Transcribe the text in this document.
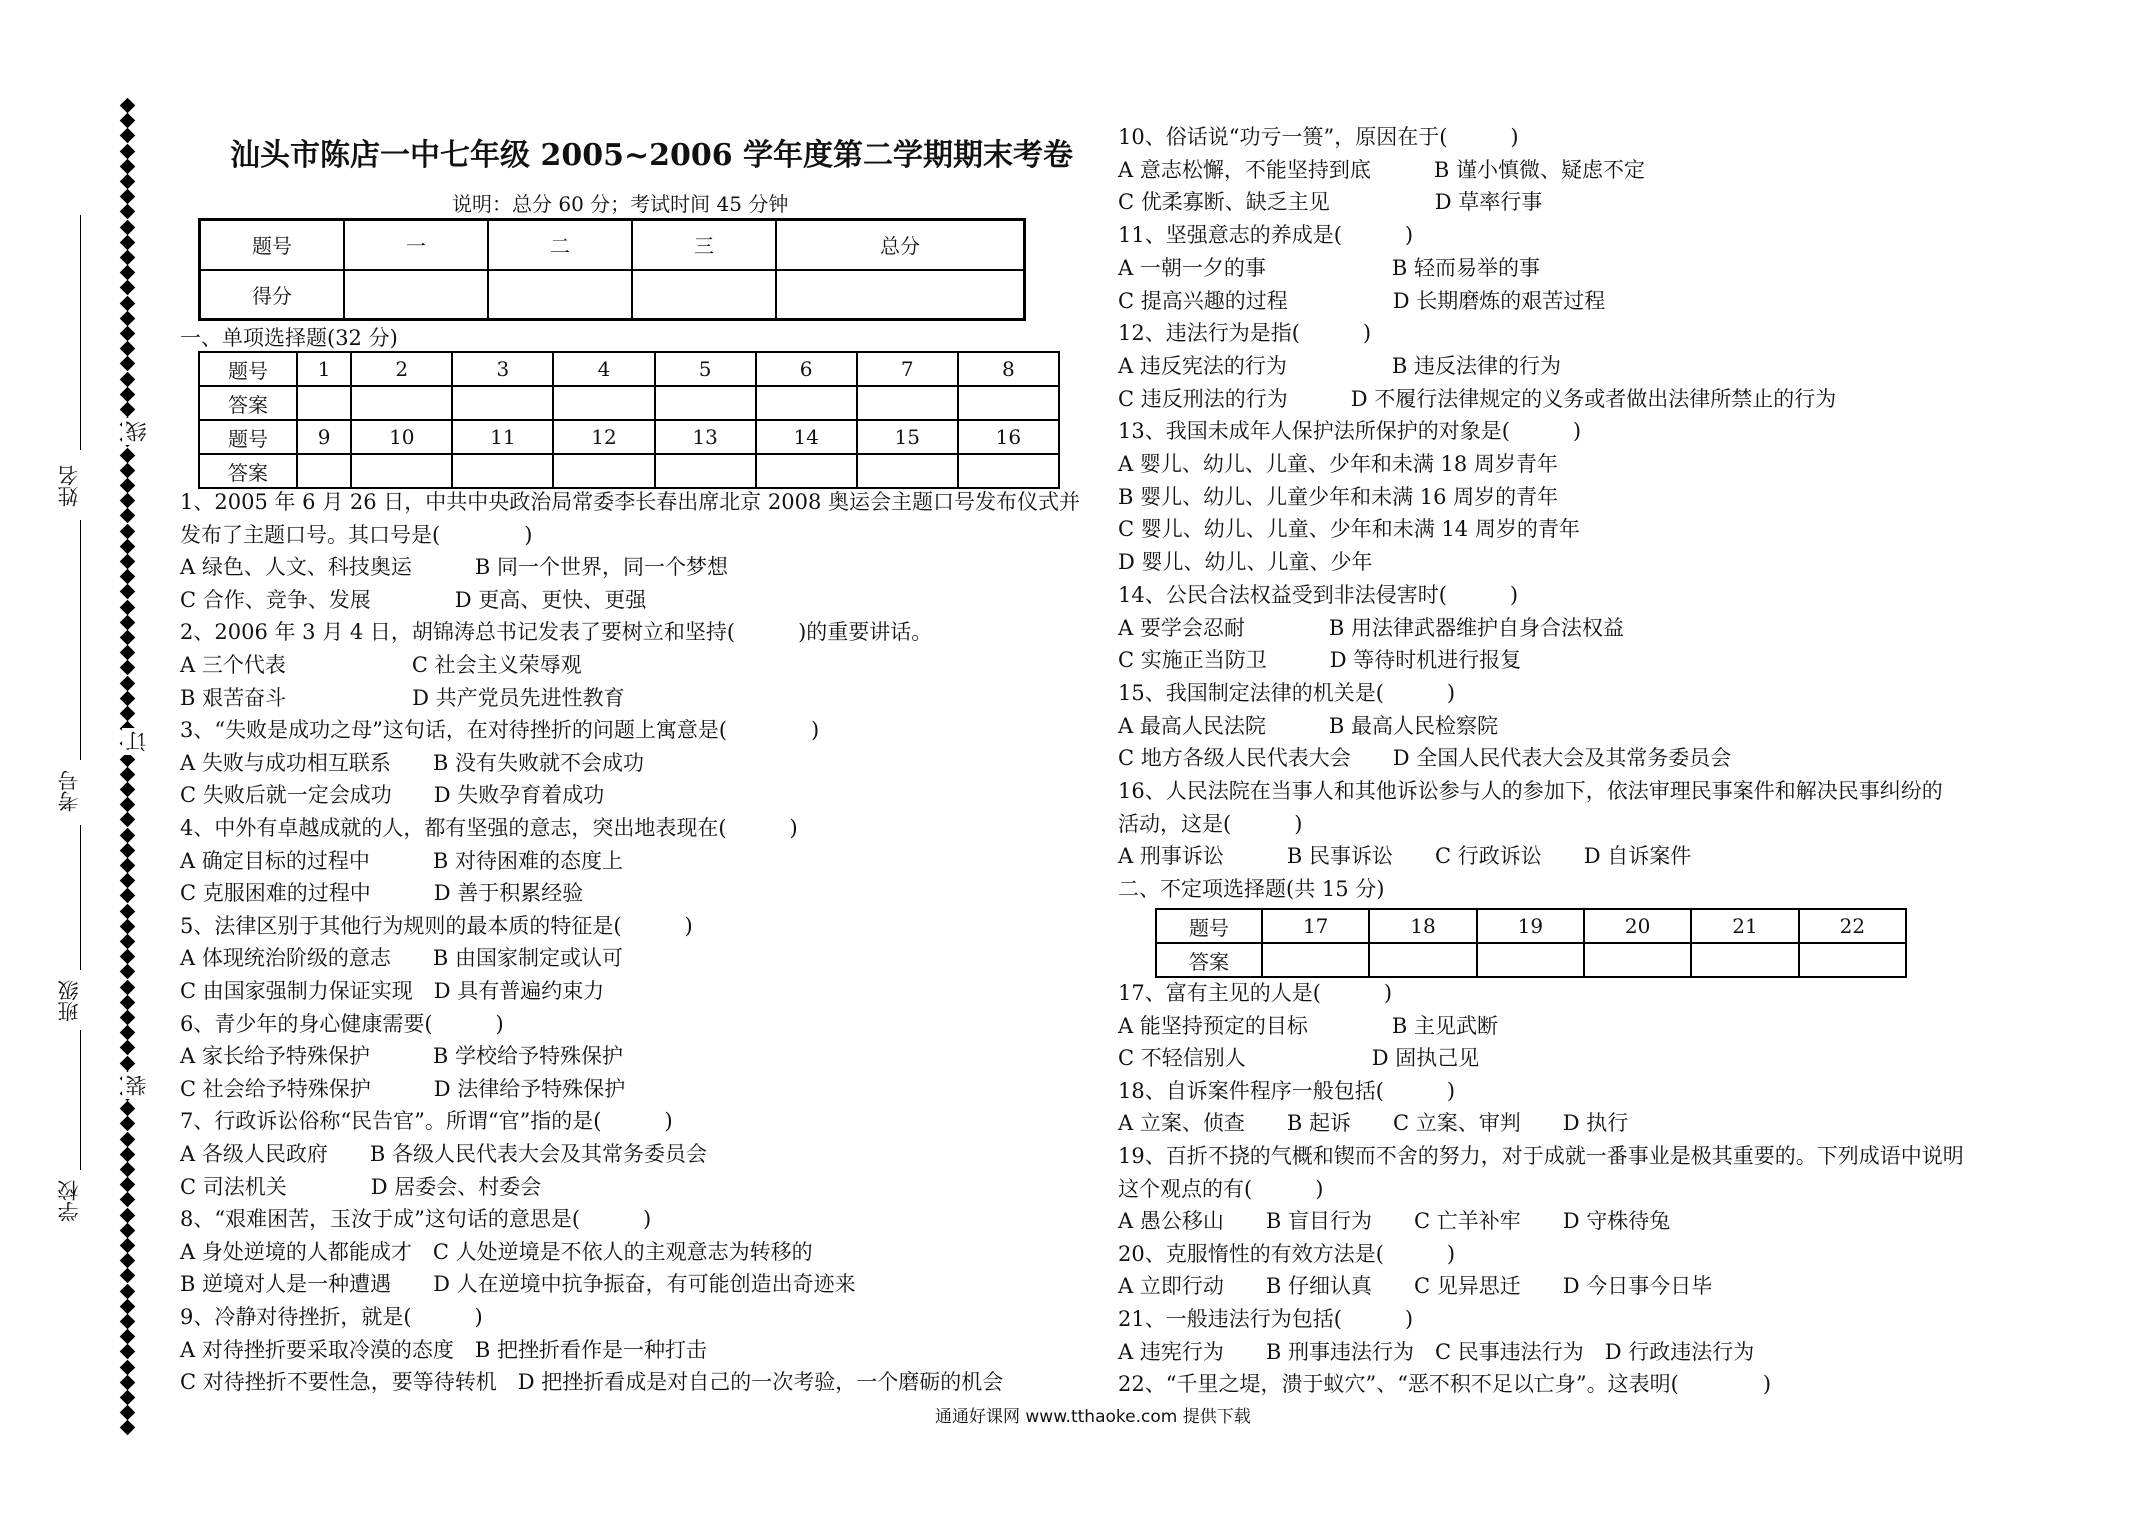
线
订
装
姓名
考号
班级
学校
汕头市陈店一中七年级 2005~2006 学年度第二学期期末考卷
说明：总分 60 分；考试时间 45 分钟
题号	一	二	三	总分
得分				
一、单项选择题(32 分)
题号	1	2	3	4	5	6	7	8
答案								
题号	9	10	11	12	13	14	15	16
答案								
1、2005 年 6 月 26 日，中共中央政治局常委李长春出席北京 2008 奥运会主题口号发布仪式并
发布了主题口号。其口号是(　　　　)
A 绿色、人文、科技奥运　　　B 同一个世界，同一个梦想
C 合作、竞争、发展　　　　D 更高、更快、更强
2、2006 年 3 月 4 日，胡锦涛总书记发表了要树立和坚持(　　　)的重要讲话。
A 三个代表　　　　　　C 社会主义荣辱观
B 艰苦奋斗　　　　　　D 共产党员先进性教育
3、“失败是成功之母”这句话，在对待挫折的问题上寓意是(　　　　)
A 失败与成功相互联系　　B 没有失败就不会成功
C 失败后就一定会成功　　D 失败孕育着成功
4、中外有卓越成就的人，都有坚强的意志，突出地表现在(　　　)
A 确定目标的过程中　　　B 对待困难的态度上
C 克服困难的过程中　　　D 善于积累经验
5、法律区别于其他行为规则的最本质的特征是(　　　)
A 体现统治阶级的意志　　B 由国家制定或认可
C 由国家强制力保证实现　D 具有普遍约束力
6、青少年的身心健康需要(　　　)
A 家长给予特殊保护　　　B 学校给予特殊保护
C 社会给予特殊保护　　　D 法律给予特殊保护
7、行政诉讼俗称“民告官”。所谓“官”指的是(　　　)
A 各级人民政府　　B 各级人民代表大会及其常务委员会
C 司法机关　　　　D 居委会、村委会
8、“艰难困苦，玉汝于成”这句话的意思是(　　　)
A 身处逆境的人都能成才　C 人处逆境是不依人的主观意志为转移的
B 逆境对人是一种遭遇　　D 人在逆境中抗争振奋，有可能创造出奇迹来
9、冷静对待挫折，就是(　　　)
A 对待挫折要采取冷漠的态度　B 把挫折看作是一种打击
C 对待挫折不要性急，要等待转机　D 把挫折看成是对自己的一次考验，一个磨砺的机会
10、俗话说“功亏一篑”，原因在于(　　　)
A 意志松懈，不能坚持到底　　　B 谨小慎微、疑虑不定
C 优柔寡断、缺乏主见　　　　　D 草率行事
11、坚强意志的养成是(　　　)
A 一朝一夕的事　　　　　　B 轻而易举的事
C 提高兴趣的过程　　　　　D 长期磨炼的艰苦过程
12、违法行为是指(　　　)
A 违反宪法的行为　　　　　B 违反法律的行为
C 违反刑法的行为　　　D 不履行法律规定的义务或者做出法律所禁止的行为
13、我国未成年人保护法所保护的对象是(　　　)
A 婴儿、幼儿、儿童、少年和未满 18 周岁青年
B 婴儿、幼儿、儿童少年和未满 16 周岁的青年
C 婴儿、幼儿、儿童、少年和未满 14 周岁的青年
D 婴儿、幼儿、儿童、少年
14、公民合法权益受到非法侵害时(　　　)
A 要学会忍耐　　　　B 用法律武器维护自身合法权益
C 实施正当防卫　　　D 等待时机进行报复
15、我国制定法律的机关是(　　　)
A 最高人民法院　　　B 最高人民检察院
C 地方各级人民代表大会　　D 全国人民代表大会及其常务委员会
16、人民法院在当事人和其他诉讼参与人的参加下，依法审理民事案件和解决民事纠纷的
活动，这是(　　　)
A 刑事诉讼　　　B 民事诉讼　　C 行政诉讼　　D 自诉案件
二、不定项选择题(共 15 分)
题号	17	18	19	20	21	22
答案						
17、富有主见的人是(　　　)
A 能坚持预定的目标　　　　B 主见武断
C 不轻信别人　　　　　　D 固执己见
18、自诉案件程序一般包括(　　　)
A 立案、侦查　　B 起诉　　C 立案、审判　　D 执行
19、百折不挠的气概和锲而不舍的努力，对于成就一番事业是极其重要的。下列成语中说明
这个观点的有(　　　)
A 愚公移山　　B 盲目行为　　C 亡羊补牢　　D 守株待兔
20、克服惰性的有效方法是(　　　)
A 立即行动　　B 仔细认真　　C 见异思迁　　D 今日事今日毕
21、一般违法行为包括(　　　)
A 违宪行为　　B 刑事违法行为　C 民事违法行为　D 行政违法行为
22、“千里之堤，溃于蚁穴”、“恶不积不足以亡身”。这表明(　　　　)
通通好课网 www.tthaoke.com 提供下载
